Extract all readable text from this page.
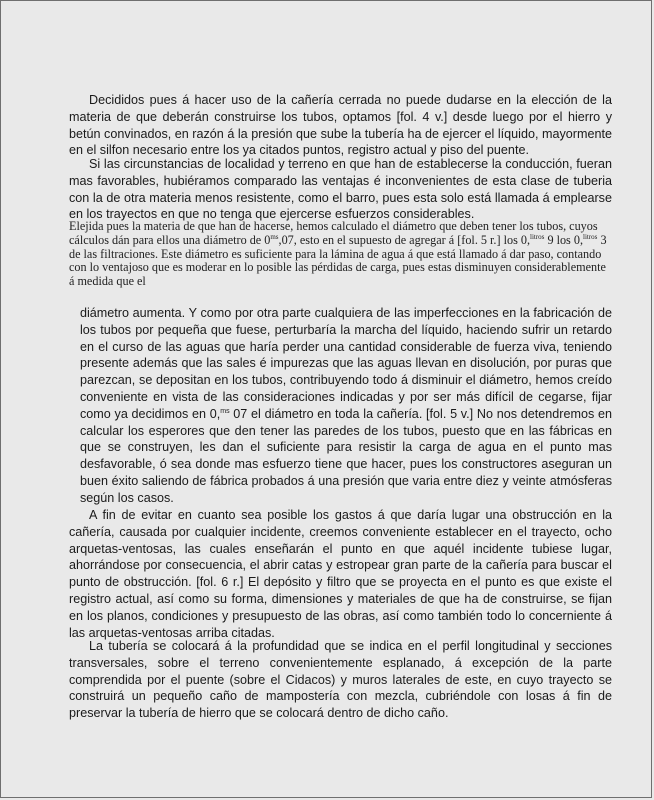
Decididos pues á hacer uso de la cañería cerrada no puede dudarse en la elección de la materia de que deberán construirse los tubos, optamos [fol. 4 v.] desde luego por el hierro y betún convinados, en razón á la presión que sube la tubería ha de ejercer el líquido, mayormente en el silfon necesario entre los ya citados puntos, registro actual y piso del puente.

Si las circunstancias de localidad y terreno en que han de establecerse la conducción, fueran mas favorables, hubiéramos comparado las ventajas é inconvenientes de esta clase de tuberia con la de otra materia menos resistente, como el barro, pues esta solo está llamada á emplearse en los trayectos en que no tenga que ejercerse esfuerzos considerables.

Elejida pues la materia de que han de hacerse, hemos calculado el diámetro que deben tener los tubos, cuyos cálculos dán para ellos una diámetro de $0^{ms},07$, esto en el supuesto de agregar á [fol. 5 r.] los 0,$^{litros}$ 9 los 0,$^{litros}$ 3 de las filtraciones. Este diámetro es suficiente para la lámina de agua á que está llamado á dar paso, contando con lo ventajoso que es moderar en lo posible las pérdidas de carga, pues estas disminuyen considerablemente á medida que el

diámetro aumenta. Y como por otra parte cualquiera de las imperfecciones en la fabricación de los tubos por pequeña que fuese, perturbaría la marcha del líquido, haciendo sufrir un retardo en el curso de las aguas que haría perder una cantidad considerable de fuerza viva, teniendo presente además que las sales é impurezas que las aguas llevan en disolución, por puras que parezcan, se depositan en los tubos, contribuyendo todo á disminuir el diámetro, hemos creído conveniente en vista de las consideraciones indicadas y por ser más difícil de cegarse, fijar como ya decidimos en 0,$^{ms}$ 07 el diámetro en toda la cañería. [fol. 5 v.] No nos detendremos en calcular los esperores que den tener las paredes de los tubos, puesto que en las fábricas en que se construyen, les dan el suficiente para resistir la carga de agua en el punto mas desfavorable, ó sea donde mas esfuerzo tiene que hacer, pues los constructores aseguran un buen éxito saliendo de fábrica probados á una presión que varia entre diez y veinte atmósferas según los casos.

A fin de evitar en cuanto sea posible los gastos á que daría lugar una obstrucción en la cañería, causada por cualquier incidente, creemos conveniente establecer en el trayecto, ocho arquetas-ventosas, las cuales enseñarán el punto en que aquél incidente tubiese lugar, ahorrándose por consecuencia, el abrir catas y estropear gran parte de la cañería para buscar el punto de obstrucción. [fol. 6 r.] El depósito y filtro que se proyecta en el punto es que existe el registro actual, así como su forma, dimensiones y materiales de que ha de construirse, se fijan en los planos, condiciones y presupuesto de las obras, así como también todo lo concerniente á las arquetas-ventosas arriba citadas.

La tubería se colocará á la profundidad que se indica en el perfil longitudinal y secciones transversales, sobre el terreno convenientemente esplanado, á excepción de la parte comprendida por el puente (sobre el Cidacos) y muros laterales de este, en cuyo trayecto se construirá un pequeño caño de mampostería con mezcla, cubriéndole con losas á fin de preservar la tubería de hierro que se colocará dentro de dicho caño.
